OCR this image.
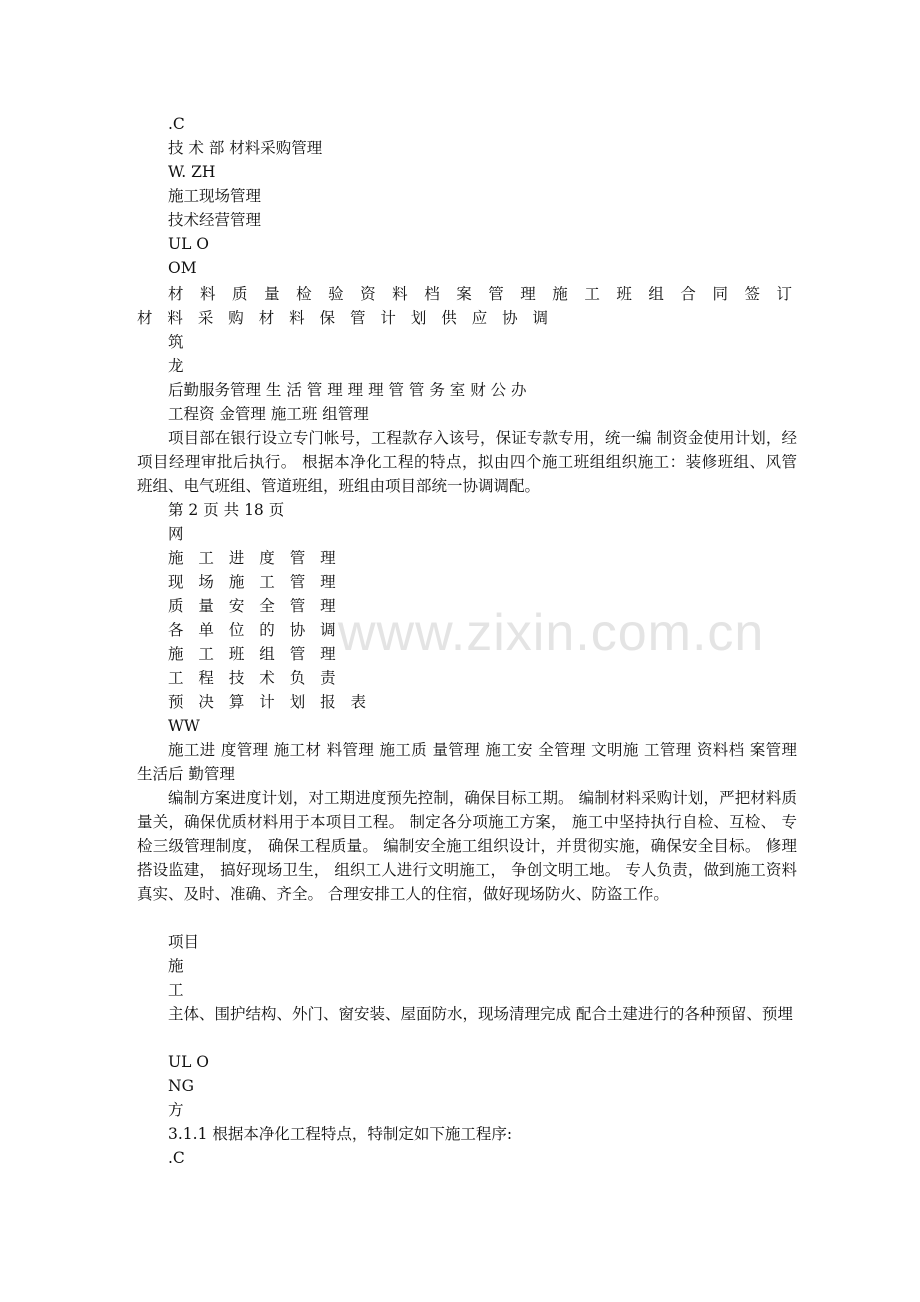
www.zixin.com.cn
.C
技 术 部 材料采购管理
W. ZH
施工现场管理
技术经营管理
UL O
OM
材 料 质 量 检 验 资 料 档 案 管 理 施 工 班 组 合 同 签 订 材 料 采 购 材 料 保 管 计 划 供 应 协 调
筑
龙
后勤服务管理 生 活 管 理 理 理 管 管 务 室 财 公 办
工程资 金管理 施工班 组管理
项目部在银行设立专门帐号，工程款存入该号，保证专款专用，统一编 制资金使用计划，经项目经理审批后执行。 根据本净化工程的特点，拟由四个施工班组组织施工：装修班组、风管 班组、电气班组、管道班组，班组由项目部统一协调调配。
第 2 页 共 18 页
网
施 工 进 度 管 理
现 场 施 工 管 理
质 量 安 全 管 理
各 单 位 的 协 调
施 工 班 组 管 理
工 程 技 术 负 责
预 决 算 计 划 报 表
WW
施工进 度管理 施工材 料管理 施工质 量管理 施工安 全管理 文明施 工管理 资料档 案管理 生活后 勤管理
编制方案进度计划，对工期进度预先控制，确保目标工期。 编制材料采购计划，严把材料质量关，确保优质材料用于本项目工程。 制定各分项施工方案， 施工中坚持执行自检、互检、 专检三级管理制度， 确保工程质量。 编制安全施工组织设计，并贯彻实施，确保安全目标。 修理搭设监建， 搞好现场卫生， 组织工人进行文明施工， 争创文明工地。 专人负责，做到施工资料真实、及时、准确、齐全。 合理安排工人的住宿，做好现场防火、防盗工作。
项目
施
工
主体、围护结构、外门、窗安装、屋面防水，现场清理完成 配合土建进行的各种预留、预埋
UL O
NG
方
3.1.1 根据本净化工程特点，特制定如下施工程序:
.C
